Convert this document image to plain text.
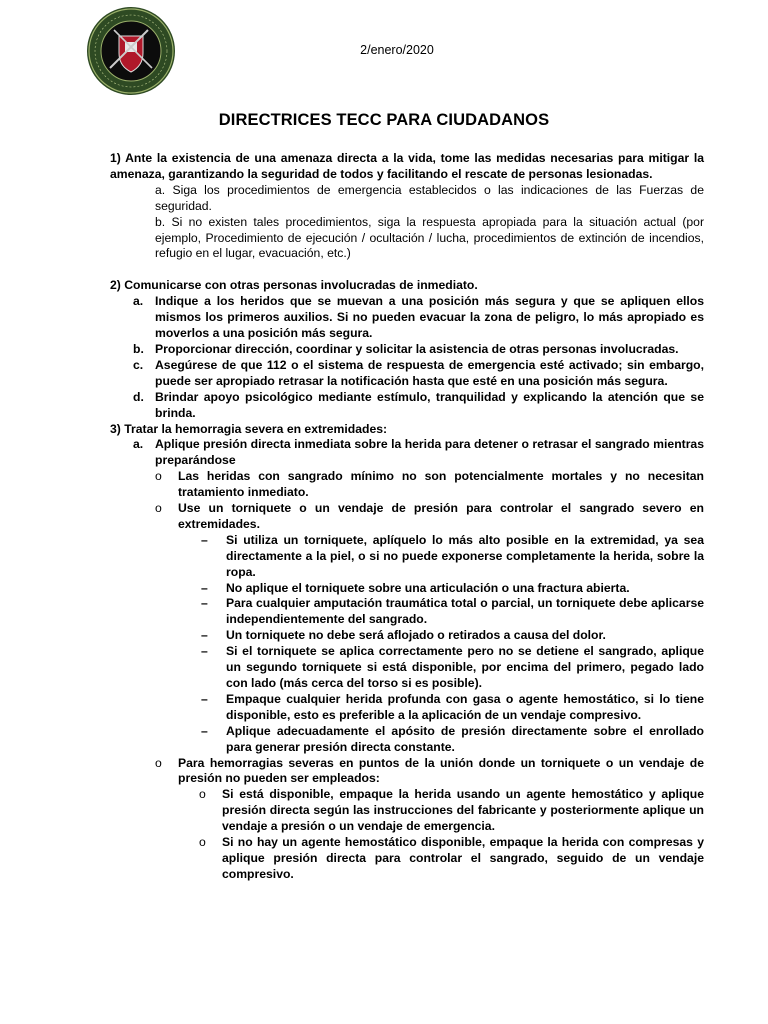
2/enero/2020
DIRECTRICES TECC PARA CIUDADANOS

1) Ante la existencia de una amenaza directa a la vida, tome las medidas necesarias para mitigar la amenaza, garantizando la seguridad de todos y facilitando el rescate de personas lesionadas.

a. Siga los procedimientos de emergencia establecidos o las indicaciones de las Fuerzas de seguridad.

b. Si no existen tales procedimientos, siga la respuesta apropiada para la situación actual (por ejemplo, Procedimiento de ejecución / ocultación / lucha, procedimientos de extinción de incendios, refugio en el lugar, evacuación, etc.)

2) Comunicarse con otras personas involucradas de inmediato.

a. Indique a los heridos que se muevan a una posición más segura y que se apliquen ellos mismos los primeros auxilios. Si no pueden evacuar la zona de peligro, lo más apropiado es moverlos a una posición más segura.
b. Proporcionar dirección, coordinar y solicitar la asistencia de otras personas involucradas.
c. Asegúrese de que 112 o el sistema de respuesta de emergencia esté activado; sin embargo, puede ser apropiado retrasar la notificación hasta que esté en una posición más segura.
d. Brindar apoyo psicológico mediante estímulo, tranquilidad y explicando la atención que se brinda.

3) Tratar la hemorragia severa en extremidades:

a. Aplique presión directa inmediata sobre la herida para detener o retrasar el sangrado mientras preparándose
o	Las heridas con sangrado mínimo no son potencialmente mortales y no necesitan tratamiento inmediato.
o	Use un torniquete o un vendaje de presión para controlar el sangrado severo en extremidades.
–	Si utiliza un torniquete, aplíquelo lo más alto posible en la extremidad, ya sea directamente a la piel, o si no puede exponerse completamente la herida, sobre la ropa.
–	No aplique el torniquete sobre una articulación o una fractura abierta.
–	Para cualquier amputación traumática total o parcial, un torniquete debe aplicarse independientemente del sangrado.
–	Un torniquete no debe será aflojado o retirados a causa del dolor.
–	Si el torniquete se aplica correctamente pero no se detiene el sangrado, aplique un segundo torniquete si está disponible, por encima del primero, pegado lado con lado (más cerca del torso si es posible).
–	Empaque cualquier herida profunda con gasa o agente hemostático, si lo tiene disponible, esto es preferible a la aplicación de un vendaje compresivo.
–	Aplique adecuadamente el apósito de presión directamente sobre el enrollado para generar presión directa constante.
o	Para hemorragias severas en puntos de la unión donde un torniquete o un vendaje de presión no pueden ser empleados:
o	Si está disponible, empaque la herida usando un agente hemostático y aplique presión directa según las instrucciones del fabricante y posteriormente aplique un vendaje a presión o un vendaje de emergencia.
o	Si no hay un agente hemostático disponible, empaque la herida con compresas y aplique presión directa para controlar el sangrado, seguido de un vendaje compresivo.
